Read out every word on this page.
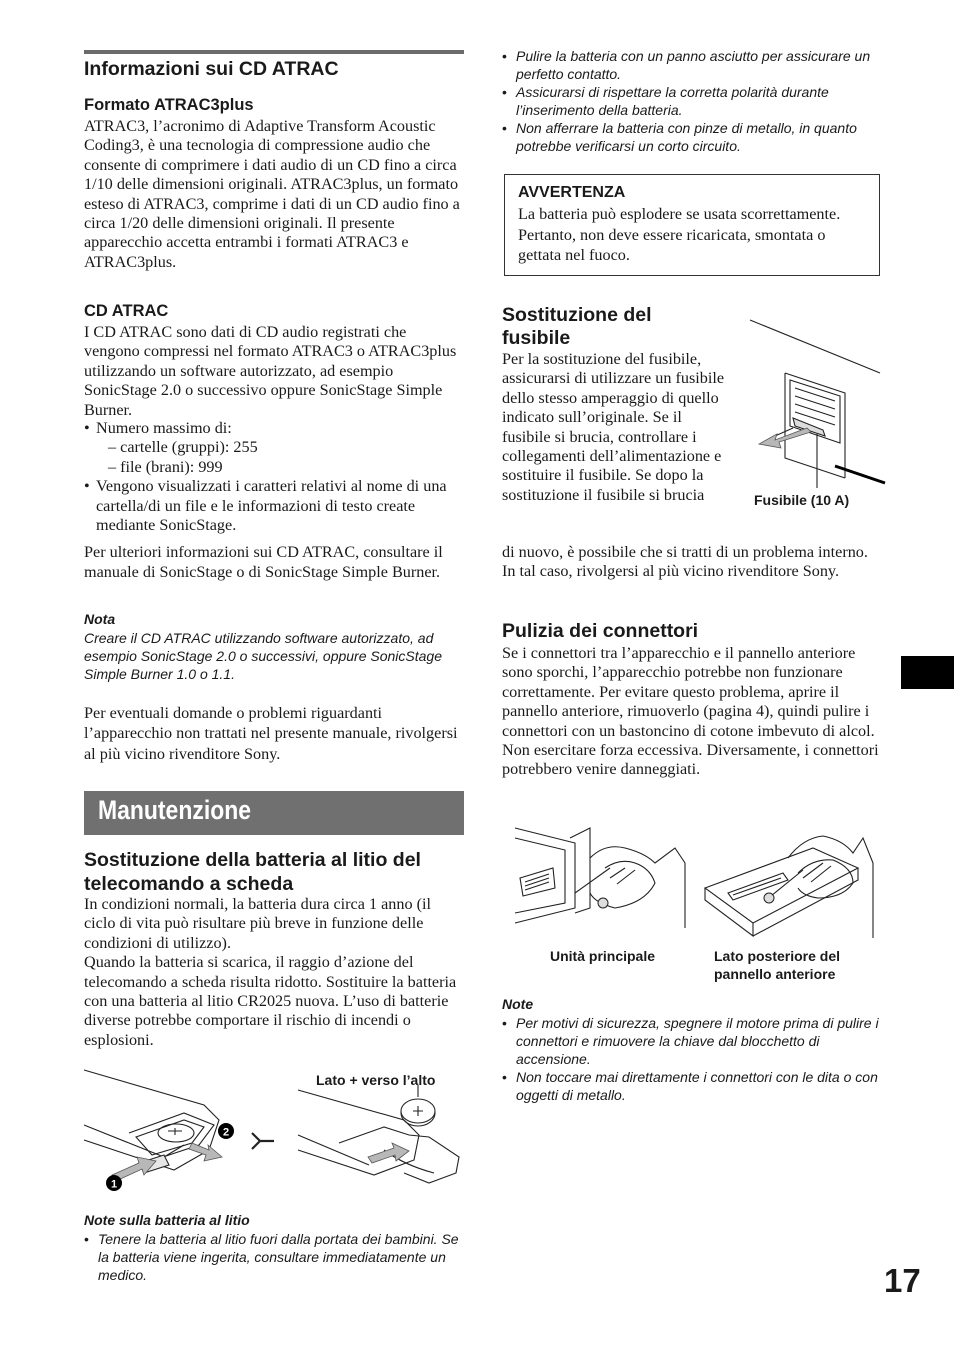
Informazioni sui CD ATRAC
Formato ATRAC3plus

ATRAC3, l’acronimo di Adaptive Transform Acoustic Coding3, è una tecnologia di compressione audio che consente di comprimere i dati audio di un CD fino a circa 1/10 delle dimensioni originali. ATRAC3plus, un formato esteso di ATRAC3, comprime i dati di un CD audio fino a circa 1/20 delle dimensioni originali. Il presente apparecchio accetta entrambi i formati ATRAC3 e ATRAC3plus.

CD ATRAC

I CD ATRAC sono dati di CD audio registrati che vengono compressi nel formato ATRAC3 o ATRAC3plus utilizzando un software autorizzato, ad esempio SonicStage 2.0 o successivo oppure SonicStage Simple Burner.

• Numero massimo di:
– cartelle (gruppi): 255
– file (brani): 999
• Vengono visualizzati i caratteri relativi al nome di una cartella/di un file e le informazioni di testo create mediante SonicStage.

Per ulteriori informazioni sui CD ATRAC, consultare il manuale di SonicStage o di SonicStage Simple Burner.

Nota

Creare il CD ATRAC utilizzando software autorizzato, ad esempio SonicStage 2.0 o successivi, oppure SonicStage Simple Burner 1.0 o 1.1.

Per eventuali domande o problemi riguardanti l’apparecchio non trattati nel presente manuale, rivolgersi al più vicino rivenditore Sony.

Manutenzione
Sostituzione della batteria al litio del telecomando a scheda

In condizioni normali, la batteria dura circa 1 anno (il ciclo di vita può risultare più breve in funzione delle condizioni di utilizzo).
Quando la batteria si scarica, il raggio d’azione del telecomando a scheda risulta ridotto. Sostituire la batteria con una batteria al litio CR2025 nuova. L’uso di batterie diverse potrebbe comportare il rischio di incendi o esplosioni.

2
1
Lato + verso l’alto
Note sulla batteria al litio
• Tenere la batteria al litio fuori dalla portata dei bambini. Se la batteria viene ingerita, consultare immediatamente un medico.
• Pulire la batteria con un panno asciutto per assicurare un perfetto contatto.
• Assicurarsi di rispettare la corretta polarità durante l’inserimento della batteria.
• Non afferrare la batteria con pinze di metallo, in quanto potrebbe verificarsi un corto circuito.
AVVERTENZA
La batteria può esplodere se usata scorrettamente. Pertanto, non deve essere ricaricata, smontata o gettata nel fuoco.
Sostituzione del fusibile

Per la sostituzione del fusibile, assicurarsi di utilizzare un fusibile dello stesso amperaggio di quello indicato sull’originale. Se il fusibile si brucia, controllare i collegamenti dell’alimentazione e sostituire il fusibile. Se dopo la sostituzione il fusibile si brucia

di nuovo, è possibile che si tratti di un problema interno. In tal caso, rivolgersi al più vicino rivenditore Sony.

Fusibile (10 A)
Pulizia dei connettori

Se i connettori tra l’apparecchio e il pannello anteriore sono sporchi, l’apparecchio potrebbe non funzionare correttamente. Per evitare questo problema, aprire il pannello anteriore, rimuoverlo (pagina 4), quindi pulire i connettori con un bastoncino di cotone imbevuto di alcol. Non esercitare forza eccessiva. Diversamente, i connettori potrebbero venire danneggiati.

Unità principale	Lato posteriore del pannello anteriore
Note
• Per motivi di sicurezza, spegnere il motore prima di pulire i connettori e rimuovere la chiave dal blocchetto di accensione.
• Non toccare mai direttamente i connettori con le dita o con oggetti di metallo.
17
